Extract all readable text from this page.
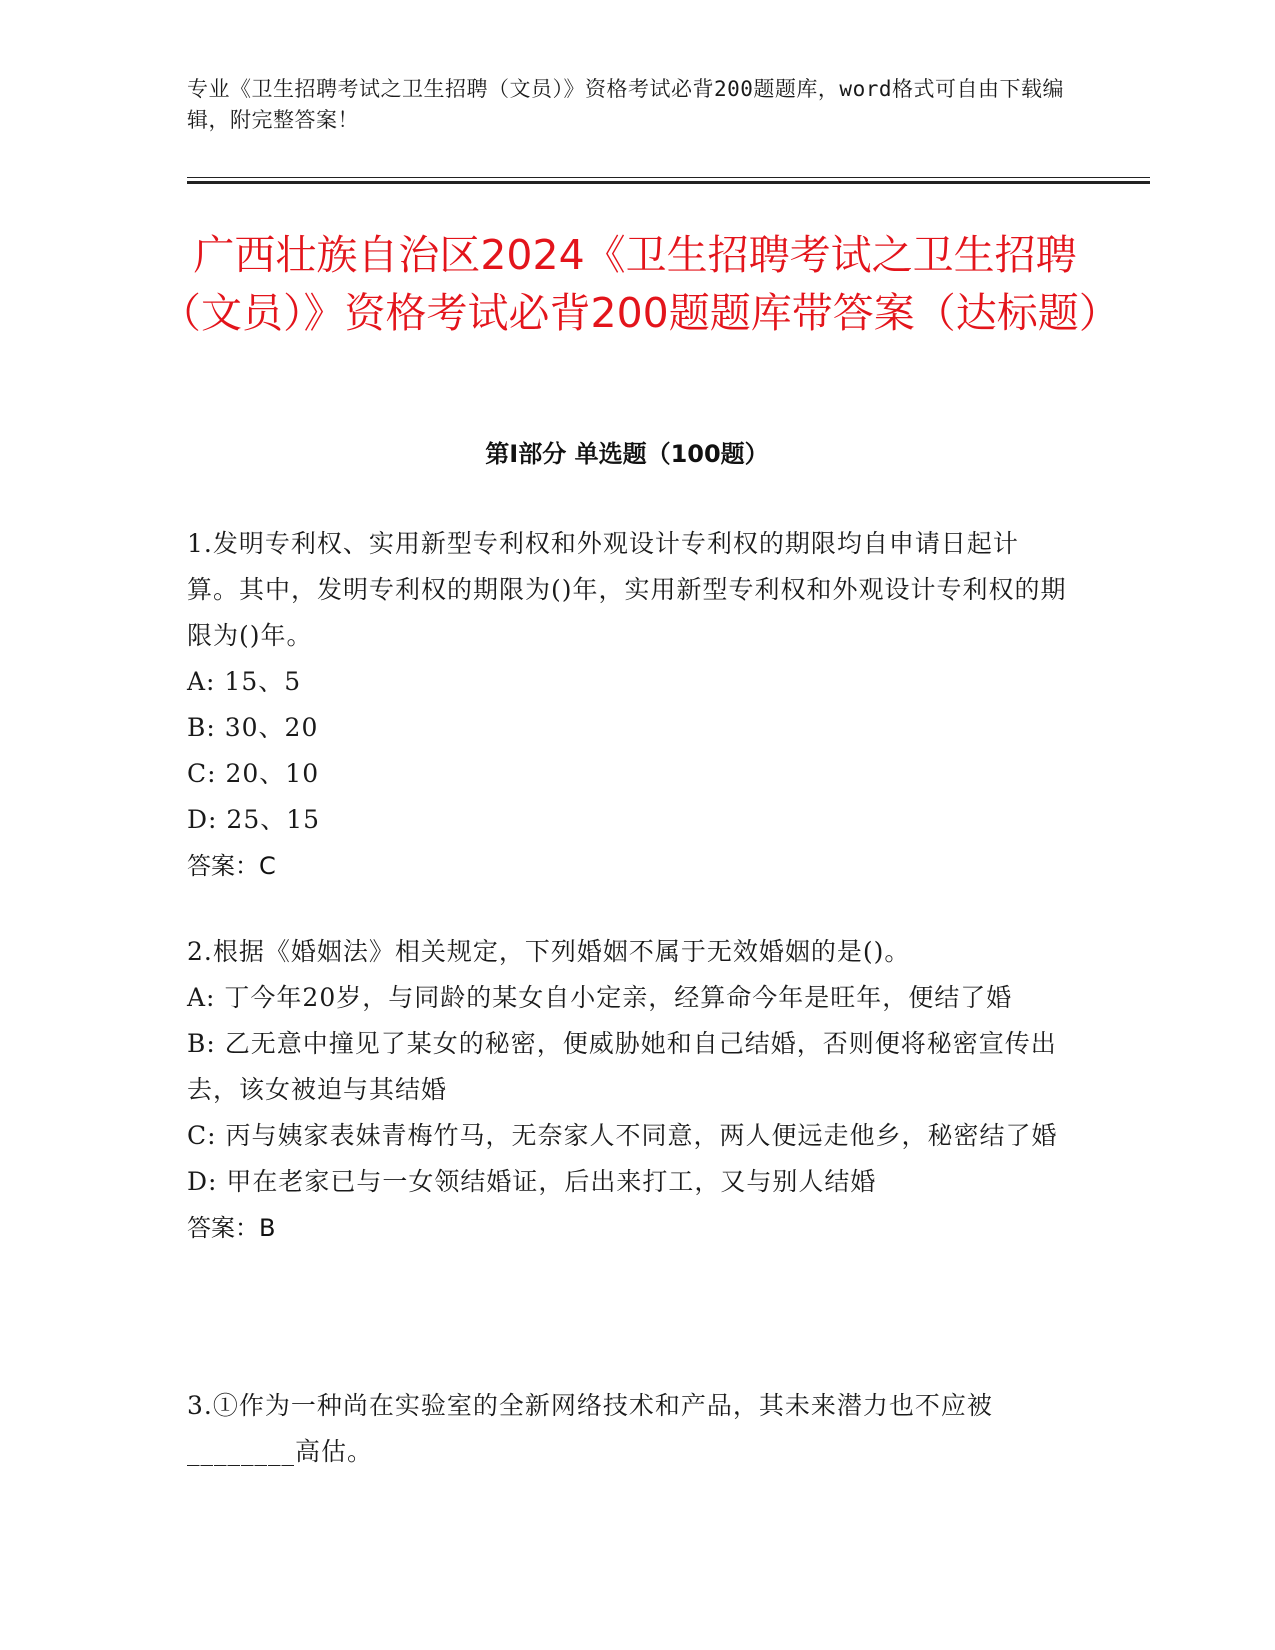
专业《卫生招聘考试之卫生招聘（文员）》资格考试必背200题题库，word格式可自由下载编辑，附完整答案！
广西壮族自治区2024《卫生招聘考试之卫生招聘（文员）》资格考试必背200题题库带答案（达标题）
第Ⅰ部分 单选题（100题）
1.发明专利权、实用新型专利权和外观设计专利权的期限均自申请日起计算。其中，发明专利权的期限为()年，实用新型专利权和外观设计专利权的期限为()年。
A: 15、5
B: 30、20
C: 20、10
D: 25、15
答案：C
2.根据《婚姻法》相关规定，下列婚姻不属于无效婚姻的是()。
A: 丁今年20岁，与同龄的某女自小定亲，经算命今年是旺年，便结了婚
B: 乙无意中撞见了某女的秘密，便威胁她和自己结婚，否则便将秘密宣传出去，该女被迫与其结婚
C: 丙与姨家表妹青梅竹马，无奈家人不同意，两人便远走他乡，秘密结了婚
D: 甲在老家已与一女领结婚证，后出来打工，又与别人结婚
答案：B
3.①作为一种尚在实验室的全新网络技术和产品，其未来潜力也不应被________高估。
